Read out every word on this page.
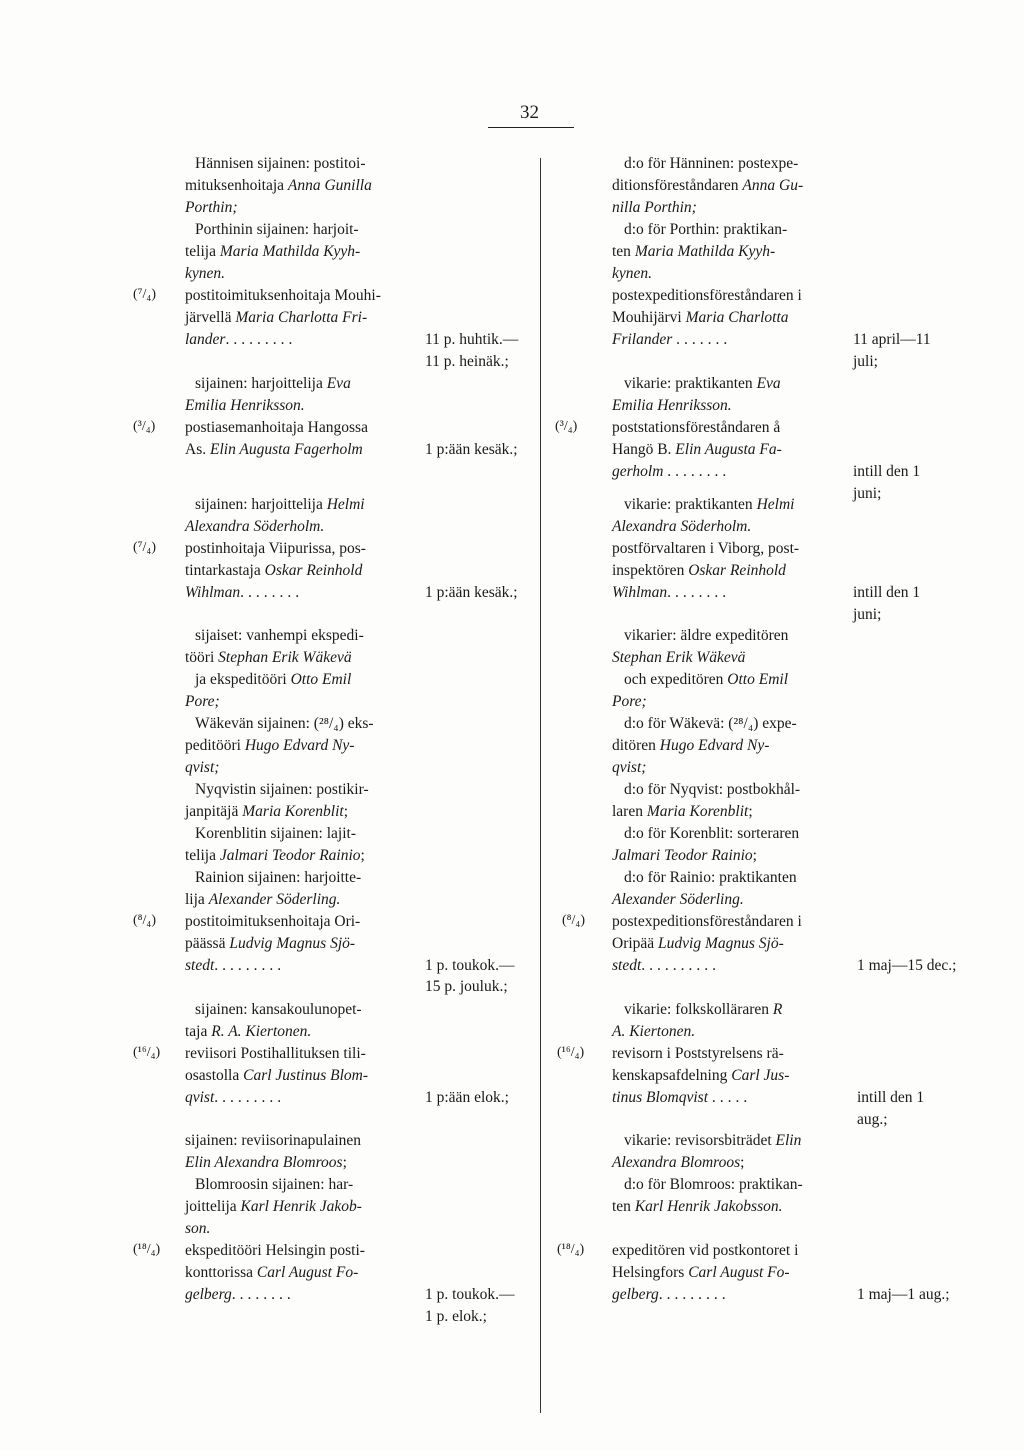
32
Hännisen sijainen: postitoi-
mituksenhoitaja Anna Gunilla
Porthin;
Porthinin sijainen: harjoit-
telija Maria Mathilda Kyyh-
kynen.
(⁷/₄) postitoimituksenhoitaja Mouhi-
järvellä Maria Charlotta Fri-
lander.........	11 p. huhtik.—
11 p. heinäk.;
sijainen: harjoittelija Eva
Emilia Henriksson.
(³/₄) postiasemanhoitaja Hangossa
As. Elin Augusta Fagerholm	1 p:ään kesäk.;
sijainen: harjoittelija Helmi
Alexandra Söderholm.
(⁷/₄) postinhoitaja Viipurissa, pos-
tintarkastaja Oskar Reinhold
Wihlman........	1 p:ään kesäk.;
sijaiset: vanhempi ekspedi-
tööri Stephan Erik Wäkevä
ja ekspeditööri Otto Emil
Pore;
Wäkevän sijainen: (²⁸/₄) eks-
peditööri Hugo Edvard Ny-
qvist;
Nyqvistin sijainen: postikir-
janpitäjä Maria Korenblit;
Korenblitin sijainen: lajit-
telija Jalmari Teodor Rainio;
Rainion sijainen: harjoitte-
lija Alexander Söderling.
(⁸/₄) postitoimituksenhoitaja Ori-
päässä Ludvig Magnus Sjö-
stedt.........	1 p. toukok.—
15 p. jouluk.;
sijainen: kansakoulunopet-
taja R. A. Kiertonen.
(¹⁶/₄) reviisori Postihallituksen tili-
osastolla Carl Justinus Blom-
qvist.........	1 p:ään elok.;
sijainen: reviisorinapulainen
Elin Alexandra Blomroos;
Blomroosin sijainen: har-
joittelija Karl Henrik Jakob-
son.
(¹⁸/₄) ekspeditööri Helsingin posti-
konttorissa Carl August Fo-
gelberg........	1 p. toukok.—
1 p. elok.;
d:o för Hänninen: postexpe-
ditionsföreståndaren Anna Gu-
nilla Porthin;
d:o för Porthin: praktikan-
ten Maria Mathilda Kyyh-
kynen.
postexpeditionsföreståndaren i
Mouhijärvi Maria Charlotta
Frilander .......	11 april—11
juli;
vikarie: praktikanten Eva
Emilia Henriksson.
(³/₄) poststationsföreståndaren å
Hangö B. Elin Augusta Fa-
gerholm ........	intill den 1
juni;
vikarie: praktikanten Helmi
Alexandra Söderholm.
postförvaltaren i Viborg, post-
inspektören Oskar Reinhold
Wihlman........	intill den 1
juni;
vikarier: äldre expeditören
Stephan Erik Wäkevä
och expeditören Otto Emil
Pore;
d:o för Wäkevä: (²⁸/₄) expe-
ditören Hugo Edvard Ny-
qvist;
d:o för Nyqvist: postbokhål-
laren Maria Korenblit;
d:o för Korenblit: sorteraren
Jalmari Teodor Rainio;
d:o för Rainio: praktikanten
Alexander Söderling.
(⁸/₄) postexpeditionsföreståndaren i
Oripää Ludvig Magnus Sjö-
stedt..........	1 maj—15 dec.;
vikarie: folkskolläraren R
A. Kiertonen.
(¹⁶/₄) revisorn i Poststyrelsens rä-
kenskapsafdelning Carl Jus-
tinus Blomqvist .....	intill den 1
aug.;
vikarie: revisorsbiträdet Elin
Alexandra Blomroos;
d:o för Blomroos: praktikan-
ten Karl Henrik Jakobsson.
(¹⁸/₄) expeditören vid postkontoret i
Helsingfors Carl August Fo-
gelberg.........	1 maj—1 aug.;
